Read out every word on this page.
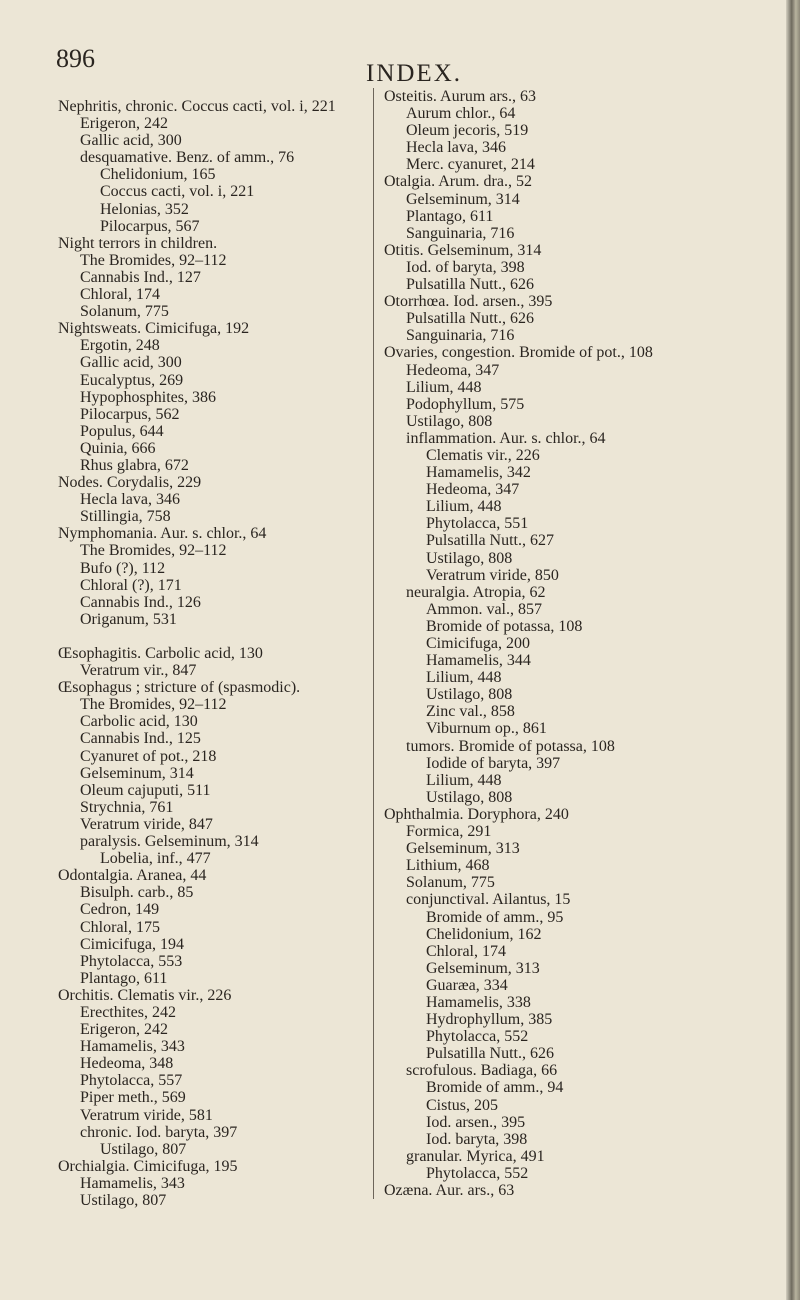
896
INDEX.
Nephritis, chronic. Coccus cacti, vol. i, 221
Erigeron, 242
Gallic acid, 300
desquamative. Benz. of amm., 76
Chelidonium, 165
Coccus cacti, vol. i, 221
Helonias, 352
Pilocarpus, 567
Night terrors in children.
The Bromides, 92–112
Cannabis Ind., 127
Chloral, 174
Solanum, 775
Nightsweats. Cimicifuga, 192
Ergotin, 248
Gallic acid, 300
Eucalyptus, 269
Hypophosphites, 386
Pilocarpus, 562
Populus, 644
Quinia, 666
Rhus glabra, 672
Nodes. Corydalis, 229
Hecla lava, 346
Stillingia, 758
Nymphomania. Aur. s. chlor., 64
The Bromides, 92–112
Bufo (?), 112
Chloral (?), 171
Cannabis Ind., 126
Origanum, 531

Œsophagitis. Carbolic acid, 130
Veratrum vir., 847
Œsophagus ; stricture of (spasmodic).
The Bromides, 92–112
Carbolic acid, 130
Cannabis Ind., 125
Cyanuret of pot., 218
Gelseminum, 314
Oleum cajuputi, 511
Strychnia, 761
Veratrum viride, 847
paralysis. Gelseminum, 314
Lobelia, inf., 477
Odontalgia. Aranea, 44
Bisulph. carb., 85
Cedron, 149
Chloral, 175
Cimicifuga, 194
Phytolacca, 553
Plantago, 611
Orchitis. Clematis vir., 226
Erecthites, 242
Erigeron, 242
Hamamelis, 343
Hedeoma, 348
Phytolacca, 557
Piper meth., 569
Veratrum viride, 581
chronic. Iod. baryta, 397
Ustilago, 807
Orchialgia. Cimicifuga, 195
Hamamelis, 343
Ustilago, 807
Osteitis. Aurum ars., 63
Aurum chlor., 64
Oleum jecoris, 519
Hecla lava, 346
Merc. cyanuret, 214
Otalgia. Arum. dra., 52
Gelseminum, 314
Plantago, 611
Sanguinaria, 716
Otitis. Gelseminum, 314
Iod. of baryta, 398
Pulsatilla Nutt., 626
Otorrhœa. Iod. arsen., 395
Pulsatilla Nutt., 626
Sanguinaria, 716
Ovaries, congestion. Bromide of pot., 108
Hedeoma, 347
Lilium, 448
Podophyllum, 575
Ustilago, 808
inflammation. Aur. s. chlor., 64
Clematis vir., 226
Hamamelis, 342
Hedeoma, 347
Lilium, 448
Phytolacca, 551
Pulsatilla Nutt., 627
Ustilago, 808
Veratrum viride, 850
neuralgia. Atropia, 62
Ammon. val., 857
Bromide of potassa, 108
Cimicifuga, 200
Hamamelis, 344
Lilium, 448
Ustilago, 808
Zinc val., 858
Viburnum op., 861
tumors. Bromide of potassa, 108
Iodide of baryta, 397
Lilium, 448
Ustilago, 808
Ophthalmia. Doryphora, 240
Formica, 291
Gelseminum, 313
Lithium, 468
Solanum, 775
conjunctival. Ailantus, 15
Bromide of amm., 95
Chelidonium, 162
Chloral, 174
Gelseminum, 313
Guaræa, 334
Hamamelis, 338
Hydrophyllum, 385
Phytolacca, 552
Pulsatilla Nutt., 626
scrofulous. Badiaga, 66
Bromide of amm., 94
Cistus, 205
Iod. arsen., 395
Iod. baryta, 398
granular. Myrica, 491
Phytolacca, 552
Ozæna. Aur. ars., 63
